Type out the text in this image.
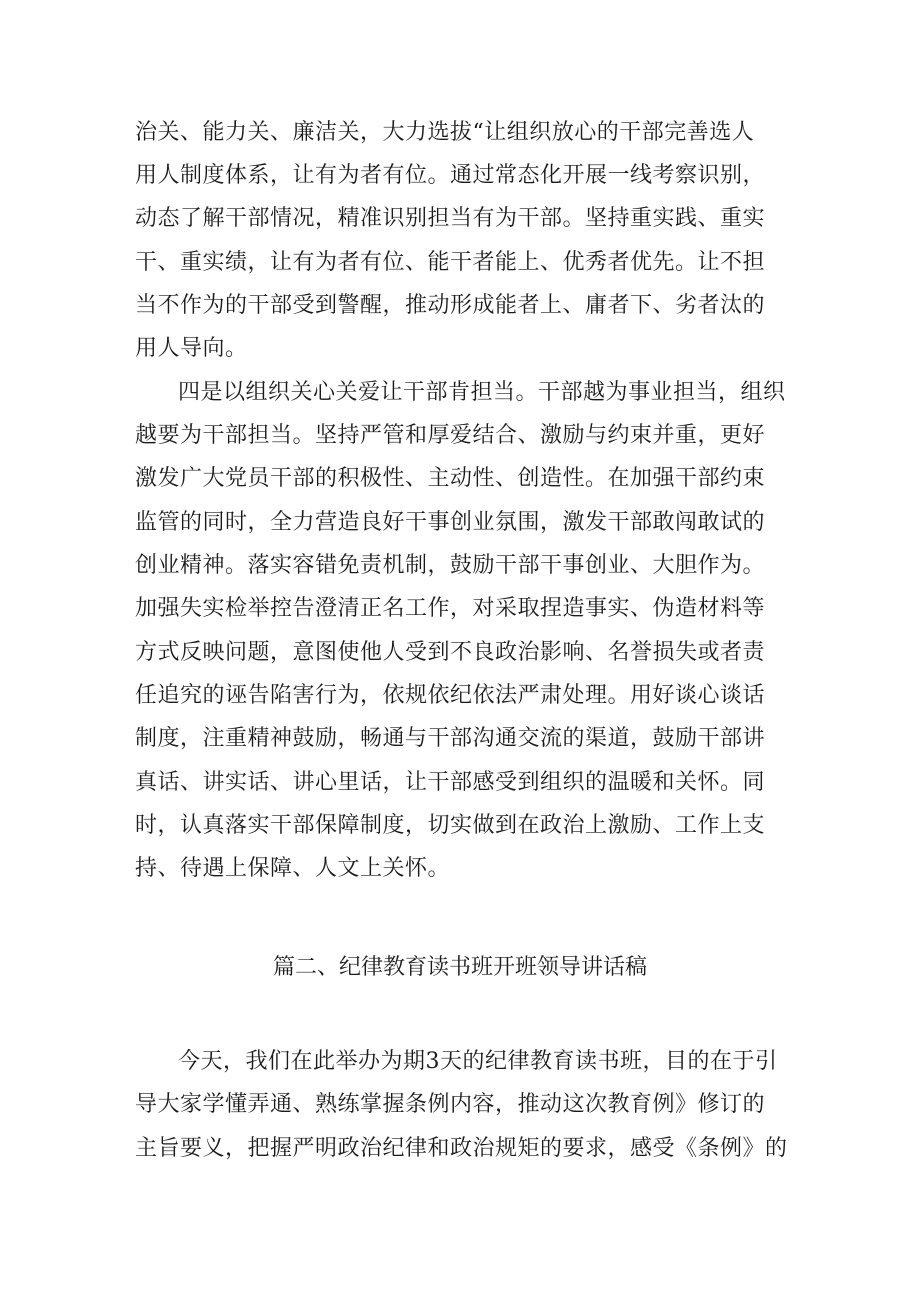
治关、能力关、廉洁关，大力选拔“让组织放心的干部完善选人
用人制度体系，让有为者有位。通过常态化开展一线考察识别，
动态了解干部情况，精准识别担当有为干部。坚持重实践、重实
干、重实绩，让有为者有位、能干者能上、优秀者优先。让不担
当不作为的干部受到警醒，推动形成能者上、庸者下、劣者汰的
用人导向。
四是以组织关心关爱让干部肯担当。干部越为事业担当，组织
越要为干部担当。坚持严管和厚爱结合、激励与约束并重，更好
激发广大党员干部的积极性、主动性、创造性。在加强干部约束
监管的同时，全力营造良好干事创业氛围，激发干部敢闯敢试的
创业精神。落实容错免责机制，鼓励干部干事创业、大胆作为。
加强失实检举控告澄清正名工作，对采取捏造事实、伪造材料等
方式反映问题，意图使他人受到不良政治影响、名誉损失或者责
任追究的诬告陷害行为，依规依纪依法严肃处理。用好谈心谈话
制度，注重精神鼓励，畅通与干部沟通交流的渠道，鼓励干部讲
真话、讲实话、讲心里话，让干部感受到组织的温暖和关怀。同
时，认真落实干部保障制度，切实做到在政治上激励、工作上支
持、待遇上保障、人文上关怀。
篇二、纪律教育读书班开班领导讲话稿
今天，我们在此举办为期3天的纪律教育读书班，目的在于引
导大家学懂弄通、熟练掌握条例内容，推动这次教育例》修订的
主旨要义，把握严明政治纪律和政治规矩的要求，感受《条例》的
